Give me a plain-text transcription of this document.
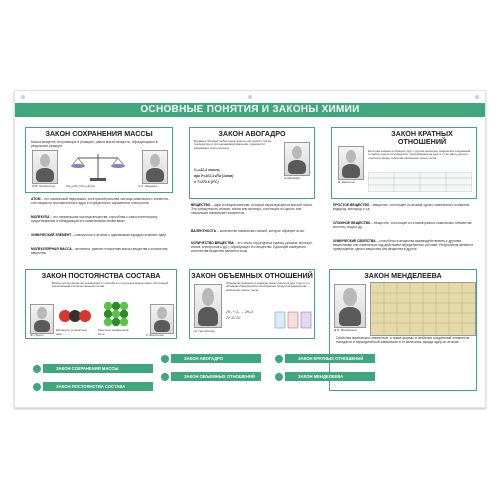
ОСНОВНЫЕ ПОНЯТИЯ И ЗАКОНЫ ХИМИИ
ЗАКОН СОХРАНЕНИЯ МАССЫ
Масса веществ, вступающих в реакцию, равна массе веществ, образующихся в результате реакции.
М.В. Ломоносов	CH₄+2O₂=CO₂+2H₂O	А.Л. Лавуазье
ЗАКОН АВОГАДРО
В равных объемах любых газов, взятых при одной и той же температуре и при одинаковом давлении, содержится одинаковое число молекул.
А.Авогадро
Vₘ=22,4 л/моль,
при P=101,3 кПа (1атм)
и T=273 К (0°С)
ЗАКОН КРАТНЫХ ОТНОШЕНИЙ
Д. Дальтон
Если два элемента образуют друг с другом несколько химических соединений, то массы одного из элементов, приходящиеся на одну и ту же массу другого, относятся между собой как небольшие целые числа.
АТОМ – это химический неделимая, электронейтральная частица химического элемента, состоящая из положительного ядра и отрицательно заряженных электронов.
МОЛЕКУЛА – это наименьшая частица вещества, способная к самостоятельному существованию и обладающая его химическими свойствами.
ХИМИЧЕСКИЙ ЭЛЕМЕНТ – совокупность атомов с одинаковым зарядом атомных ядер.
МОЛЕКУЛЯРНАЯ МАССА – величина, равная отношению массы вещества к количеству вещества.
ВЕЩЕСТВО – один из видов материи, который характеризуется массой покоя. Это совокупность атомов, ионов или молекул, состоящих из одного или нескольких химических элементов.
ВАЛЕНТНОСТЬ – количество химических связей, которое образует атом.
КОЛИЧЕСТВО ВЕЩЕСТВА – это число структурных единиц (атомов, молекул, ионов, электронов и др.), образующих это вещество. Единицей измерения количества вещества является моль.
ПРОСТОЕ ВЕЩЕСТВО – вещество, состоящее из атомов одного химического элемента: водород, кислород и т.д.
СЛОЖНОЕ ВЕЩЕСТВО – вещество, состоящее из атомов разных химических элементов: кислоты, вода и др.
ХИМИЧЕСКИЕ СВОЙСТВА – способность вещества взаимодействовать с другими веществами или изменяться под действием определенных условий. Результатом является превращение одного вещества или вещества в другое.
ЗАКОН ПОСТОЯНСТВА СОСТАВА
Всякое чистое вещество независимо от способа его получения всегда имеет постоянный качественный и количественный состав.
Ж. Пруст
Молекула углекислого газа
Кристалл поваренной соли	К. Бертолле
ЗАКОН ОБЪЕМНЫХ ОТНОШЕНИЙ
Ж. Гей-Люссак
Объемы вступающих в реакцию газов относятся друг к другу и к объемам образующихся газообразных продуктов реакции как небольшие целые числа.
2H₂ + O₂ → 2H₂O
2V 1V 2V
ЗАКОН МЕНДЕЛЕЕВА
Д.И. Менделеев
Свойства химических элементов, а также формы и свойства соединений элементов находятся в периодической зависимости от величины заряда ядер их атомов.
ЗАКОН СОХРАНЕНИЯ МАССЫ
ЗАКОН ПОСТОЯНСТВА СОСТАВА
ЗАКОН АВОГАДРО
ЗАКОН ОБЪЕМНЫХ ОТНОШЕНИЙ
ЗАКОН КРАТНЫХ ОТНОШЕНИЙ
ЗАКОН МЕНДЕЛЕЕВА
